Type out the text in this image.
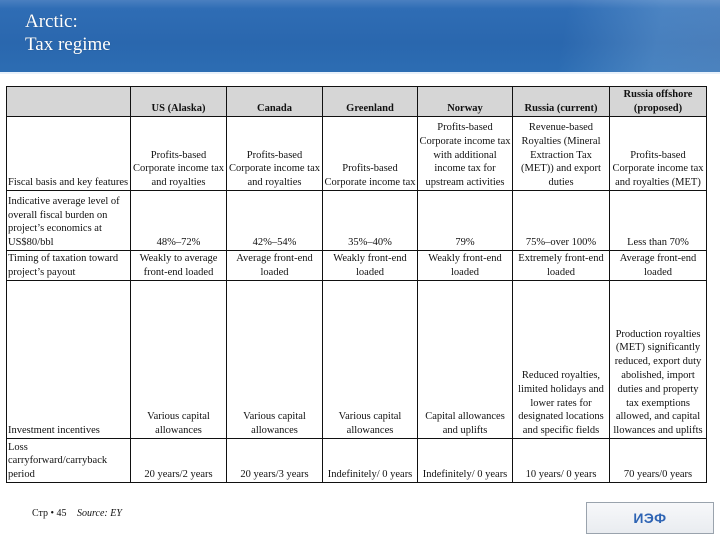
Arctic:
Tax regime
	US (Alaska)	Canada	Greenland	Norway	Russia (current)	Russia offshore (proposed)
Fiscal basis and key features	Profits-based Corporate income tax and royalties	Profits-based Corporate income tax and royalties	Profits-based Corporate income tax	Profits-based Corporate income tax with additional income tax for upstream activities	Revenue-based Royalties (Mineral Extraction Tax (MET)) and export duties	Profits-based Corporate income tax and royalties (MET)
Indicative average level of overall fiscal burden on project’s economics at US$80/bbl	48%–72%	42%–54%	35%–40%	79%	75%–over 100%	Less than 70%
Timing of taxation toward project’s payout	Weakly to average front-end loaded	Average front-end loaded	Weakly front-end loaded	Weakly front-end loaded	Extremely front-end loaded	Average front-end loaded
Investment incentives	Various capital allowances	Various capital allowances	Various capital allowances	Capital allowances and uplifts	Reduced royalties, limited holidays and lower rates for designated locations and specific fields	Production royalties (MET) significantly reduced, export duty abolished, import duties and property tax exemptions allowed, and capital llowances and uplifts
Loss carryforward/carryback period	20 years/2 years	20 years/3 years	Indefinitely/ 0 years	Indefinitely/ 0 years	10 years/ 0 years	70 years/0 years
Стр • 45 Source: EY	ИЭФ
